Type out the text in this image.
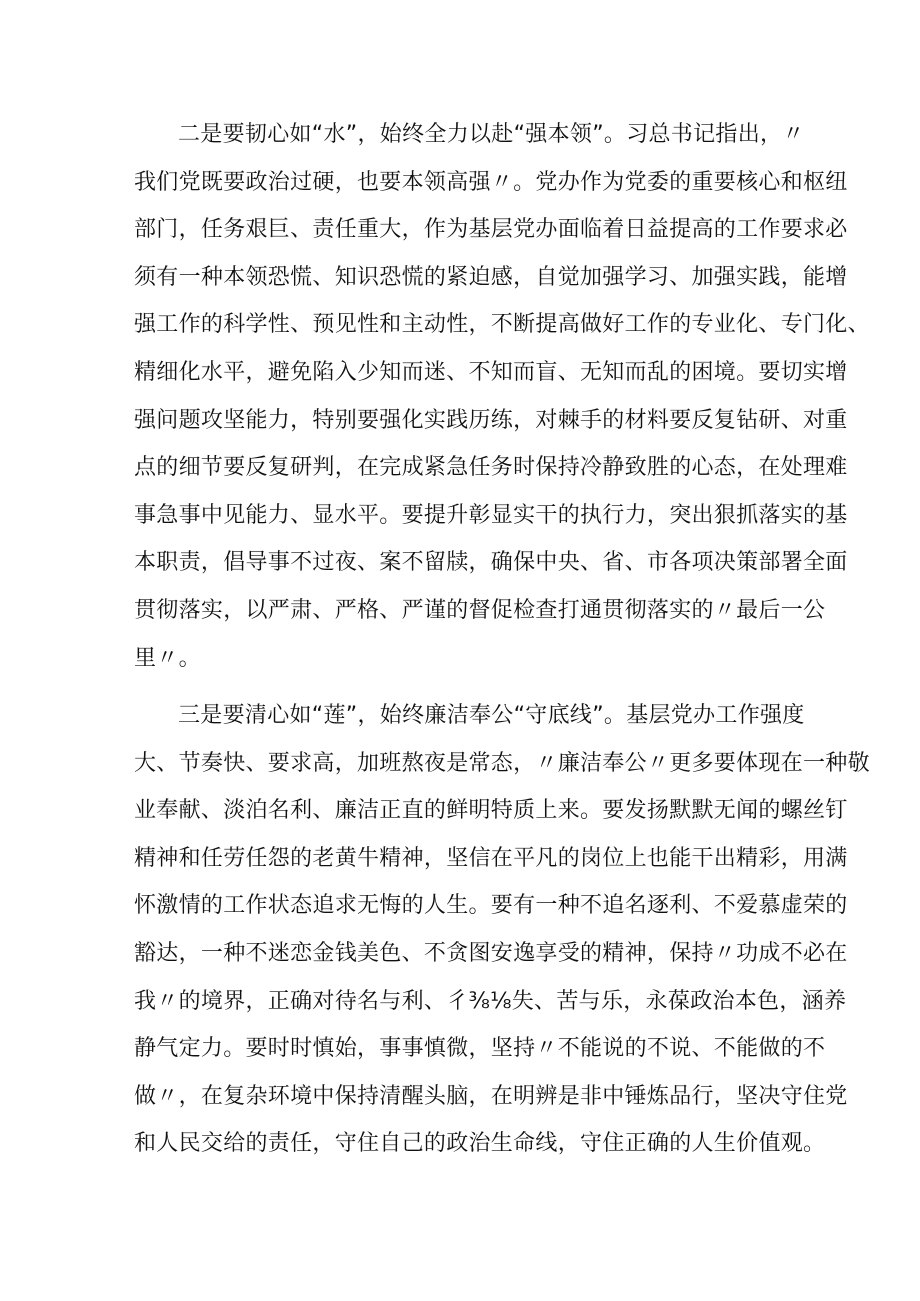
二是要韧心如“水”，始终全力以赴“强本领”。习总书记指出，〃
我们党既要政治过硬，也要本领高强〃。党办作为党委的重要核心和枢纽
部门，任务艰巨、责任重大，作为基层党办面临着日益提高的工作要求必
须有一种本领恐慌、知识恐慌的紧迫感，自觉加强学习、加强实践，能增
强工作的科学性、预见性和主动性，不断提高做好工作的专业化、专门化、
精细化水平，避免陷入少知而迷、不知而盲、无知而乱的困境。要切实增
强问题攻坚能力，特别要强化实践历练，对棘手的材料要反复钻研、对重
点的细节要反复研判，在完成紧急任务时保持冷静致胜的心态，在处理难
事急事中见能力、显水平。要提升彰显实干的执行力，突出狠抓落实的基
本职责，倡导事不过夜、案不留牍，确保中央、省、市各项决策部署全面
贯彻落实，以严肃、严格、严谨的督促检查打通贯彻落实的〃最后一公
里〃。
三是要清心如“莲”，始终廉洁奉公“守底线”。基层党办工作强度
大、节奏快、要求高，加班熬夜是常态，〃廉洁奉公〃更多要体现在一种敬
业奉献、淡泊名利、廉洁正直的鲜明特质上来。要发扬默默无闻的螺丝钉
精神和任劳任怨的老黄牛精神，坚信在平凡的岗位上也能干出精彩，用满
怀激情的工作状态追求无悔的人生。要有一种不追名逐利、不爱慕虚荣的
豁达，一种不迷恋金钱美色、不贪图安逸享受的精神，保持〃功成不必在
我〃的境界，正确对待名与利、彳⅜⅛失、苦与乐，永葆政治本色，涵养
静气定力。要时时慎始，事事慎微，坚持〃不能说的不说、不能做的不
做〃，在复杂环境中保持清醒头脑，在明辨是非中锤炼品行，坚决守住党
和人民交给的责任，守住自己的政治生命线，守住正确的人生价值观。
